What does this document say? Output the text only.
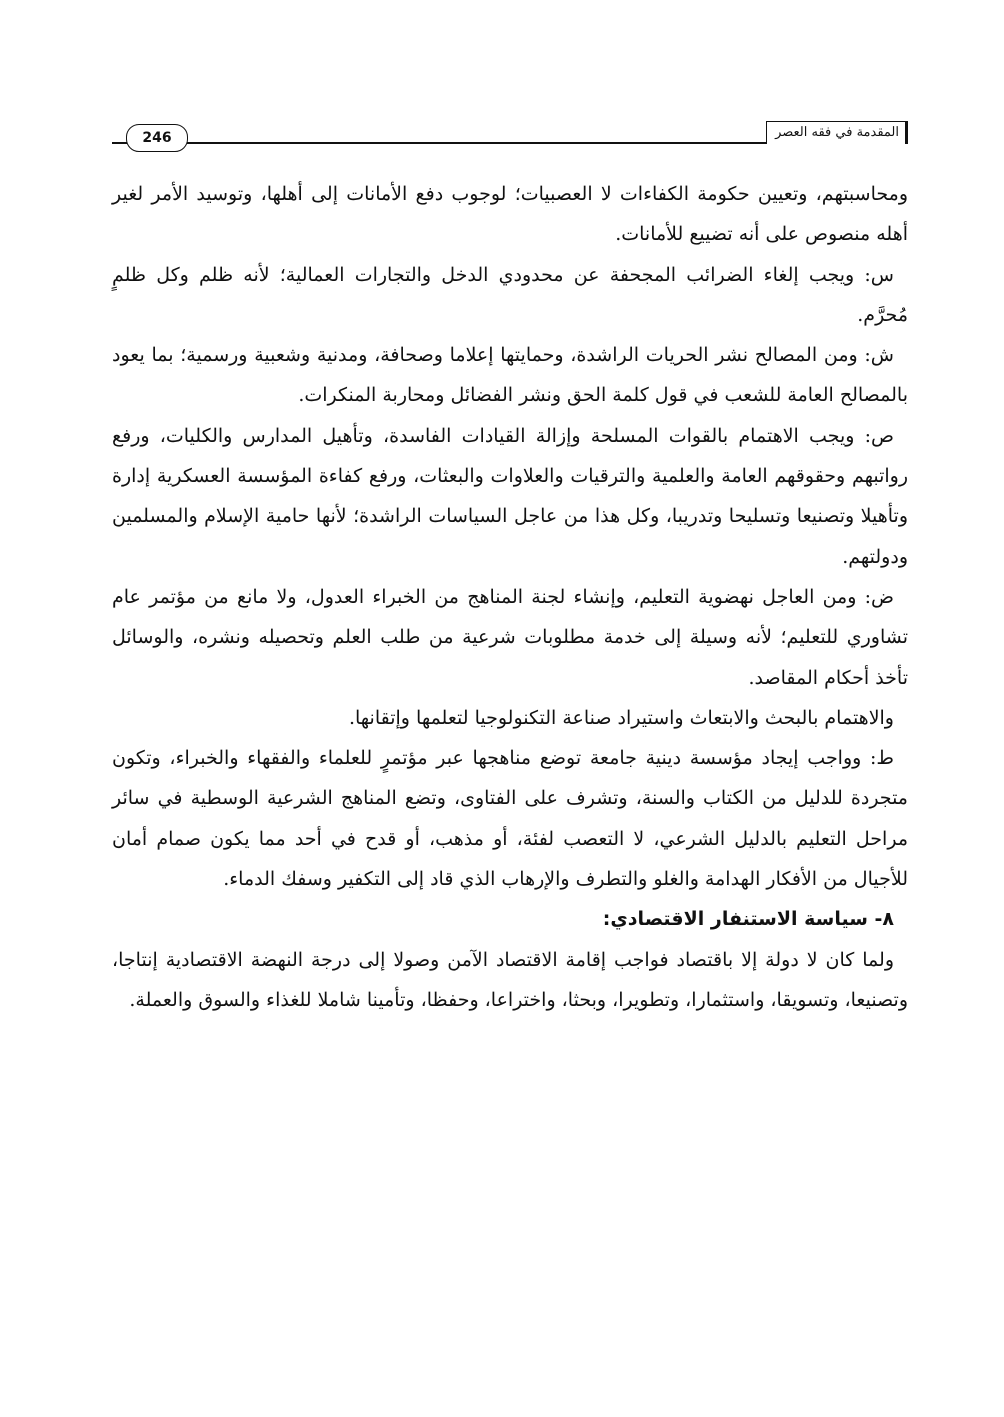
المقدمة في فقه العصر
246

ومحاسبتهم، وتعيين حكومة الكفاءات لا العصبيات؛ لوجوب دفع الأمانات إلى أهلها، وتوسيد الأمر لغير أهله منصوص على أنه تضييع للأمانات.

س: ويجب إلغاء الضرائب المجحفة عن محدودي الدخل والتجارات العمالية؛ لأنه ظلم وكل ظلمٍ مُحرَّم.

ش: ومن المصالح نشر الحريات الراشدة، وحمايتها إعلاما وصحافة، ومدنية وشعبية ورسمية؛ بما يعود بالمصالح العامة للشعب في قول كلمة الحق ونشر الفضائل ومحاربة المنكرات.

ص: ويجب الاهتمام بالقوات المسلحة وإزالة القيادات الفاسدة، وتأهيل المدارس والكليات، ورفع رواتبهم وحقوقهم العامة والعلمية والترقيات والعلاوات والبعثات، ورفع كفاءة المؤسسة العسكرية إدارة وتأهيلا وتصنيعا وتسليحا وتدريبا، وكل هذا من عاجل السياسات الراشدة؛ لأنها حامية الإسلام والمسلمين ودولتهم.

ض: ومن العاجل نهضوية التعليم، وإنشاء لجنة المناهج من الخبراء العدول، ولا مانع من مؤتمر عام تشاوري للتعليم؛ لأنه وسيلة إلى خدمة مطلوبات شرعية من طلب العلم وتحصيله ونشره، والوسائل تأخذ أحكام المقاصد.

والاهتمام بالبحث والابتعاث واستيراد صناعة التكنولوجيا لتعلمها وإتقانها.

ط: وواجب إيجاد مؤسسة دينية جامعة توضع مناهجها عبر مؤتمرٍ للعلماء والفقهاء والخبراء، وتكون متجردة للدليل من الكتاب والسنة، وتشرف على الفتاوى، وتضع المناهج الشرعية الوسطية في سائر مراحل التعليم بالدليل الشرعي، لا التعصب لفئة، أو مذهب، أو قدح في أحد مما يكون صمام أمان للأجيال من الأفكار الهدامة والغلو والتطرف والإرهاب الذي قاد إلى التكفير وسفك الدماء.

٨- سياسة الاستنفار الاقتصادي:

ولما كان لا دولة إلا باقتصاد فواجب إقامة الاقتصاد الآمن وصولا إلى درجة النهضة الاقتصادية إنتاجا، وتصنيعا، وتسويقا، واستثمارا، وتطويرا، وبحثا، واختراعا، وحفظا، وتأمينا شاملا للغذاء والسوق والعملة.
